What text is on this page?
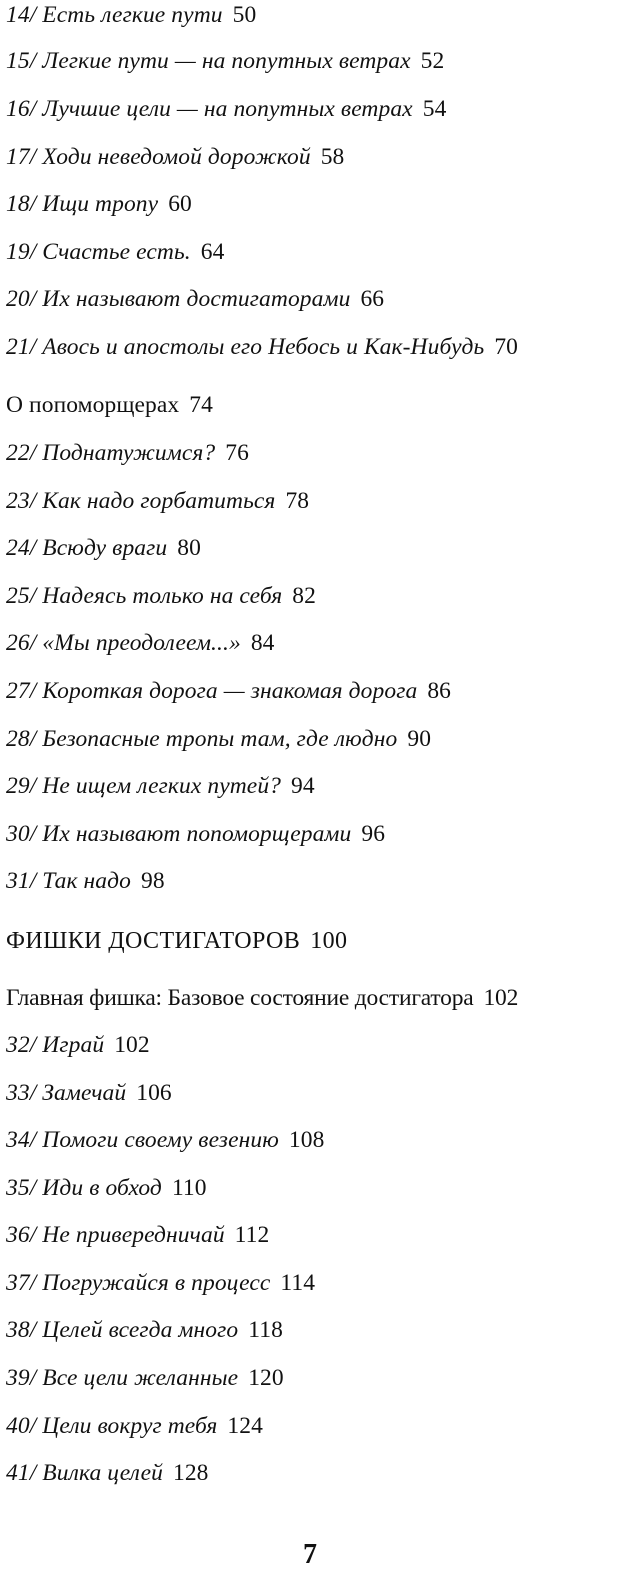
14/ Есть легкие пути 50
15/ Легкие пути — на попутных ветрах 52
16/ Лучшие цели — на попутных ветрах 54
17/ Ходи неведомой дорожкой 58
18/ Ищи тропу 60
19/ Счастье есть. 64
20/ Их называют достигаторами 66
21/ Авось и апостолы его Небось и Как-Нибудь 70
О попоморщерах 74
22/ Поднатужимся? 76
23/ Как надо горбатиться 78
24/ Всюду враги 80
25/ Надеясь только на себя 82
26/ «Мы преодолеем...» 84
27/ Короткая дорога — знакомая дорога 86
28/ Безопасные тропы там, где людно 90
29/ Не ищем легких путей? 94
30/ Их называют попоморщерами 96
31/ Так надо 98
ФИШКИ ДОСТИГАТОРОВ 100
Главная фишка: Базовое состояние достигатора 102
32/ Играй 102
33/ Замечай 106
34/ Помоги своему везению 108
35/ Иди в обход 110
36/ Не привередничай 112
37/ Погружайся в процесс 114
38/ Целей всегда много 118
39/ Все цели желанные 120
40/ Цели вокруг тебя 124
41/ Вилка целей 128
7
